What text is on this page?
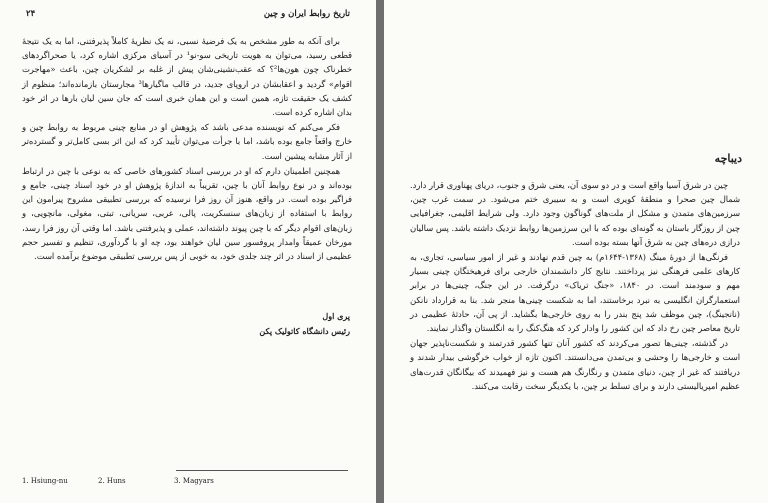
تاریخ روابط ایران و چین
۲۴

برای آنکه به طور مشخص به یک فرضیهٔ نسبی، نه یک نظریهٔ کاملاً پذیرفتنی، اما به یک نتیجهٔ قطعی رسید، می‌توان به هویت تاریخی سو-نو¹ در آسیای مرکزی اشاره کرد، یا صحراگردهای خطرناک چون هون‌ها²؟ که عقب‌نشینی‌شان پیش از غلبه بر لشکریان چین، باعث «مهاجرت اقوام» گردید و اعقابشان در اروپای جدید، در قالب ماگیارها³ مجارستان بازمانده‌اند؛ منظوم از کشف یک حقیقت تازه، همین است و این همان خبری است که جان سین لیان بارها در اثر خود بدان اشاره کرده است.

فکر می‌کنم که نویسنده مدعی باشد که پژوهش او در منابع چینی مربوط به روابط چین و خارج واقعاً جامع بوده باشد، اما با جرأت می‌توان تأیید کرد که این اثر بسی کامل‌تر و گسترده‌تر از آثار مشابه پیشین است.

همچنین اطمینان دارم که او در بررسی اسناد کشورهای خاصی که به نوعی با چین در ارتباط بوده‌اند و در نوع روابط آنان با چین، تقریباً به اندازهٔ پژوهش او در خود اسناد چینی، جامع و فراگیر بوده است. در واقع، هنوز آن روز فرا نرسیده که بررسی تطبیقی مشروح پیرامون این روابط با استفاده از زبان‌های سنسکریت، پالی، عربی، سریانی، تبتی، مغولی، مانچویی، و زبان‌های اقوام دیگر که با چین پیوند داشته‌اند، عملی و پذیرفتنی باشد. اما وقتی آن روز فرا رسد، مورخان عمیقاً وامدار پروفسور سین لیان خواهند بود، چه او با گردآوری، تنظیم و تفسیر حجم عظیمی از اسناد در اثر چند جلدی خود، به خوبی از پس بررسی تطبیقی موضوع برآمده است.

پری اول
رئیس دانشگاه کاتولیک پکن
1. Hsiung-nu	2. Huns	3. Magyars
دیباچه

چین در شرق آسیا واقع است و در دو سوی آن، یعنی شرق و جنوب، دریای پهناوری قرار دارد. شمال چین صحرا و منطقهٔ کویری است و به سیبری ختم می‌شود. در سمت غرب چین، سرزمین‌های متمدن و مشکل از ملت‌های گوناگون وجود دارد. ولی شرایط اقلیمی، جغرافیایی چین از روزگار باستان به گونه‌ای بوده که با این سرزمین‌ها روابط نزدیک داشته باشد. پس سالیان درازی دره‌های چین به شرق آنها بسته بوده است.

فرنگی‌ها از دورهٔ مینگ (۱۳۶۸-۱۶۴۴م) به چین قدم نهادند و غیر از امور سیاسی، تجاری، به کارهای علمی فرهنگی نیز پرداختند. نتایج کار دانشمندان خارجی برای فرهیختگان چینی بسیار مهم و سودمند است. در ۱۸۴۰، «جنگ تریاک» درگرفت. در این جنگ، چینی‌ها در برابر استعمارگران انگلیسی به نبرد برخاستند، اما به شکست چینی‌ها منجر شد. بنا به قرارداد نانکن (نانجینگ)، چین موظف شد پنج بندر را به روی خارجی‌ها بگشاید. از پی آن، حادثهٔ عظیمی در تاریخ معاصر چین رخ داد که این کشور را وادار کرد که هنگ‌کنگ را به انگلستان واگذار نمایند.

در گذشته، چینی‌ها تصور می‌کردند که کشور آنان تنها کشور قدرتمند و شکست‌ناپذیر جهان است و خارجی‌ها را وحشی و بی‌تمدن می‌دانستند. اکنون تازه از خواب خرگوشی بیدار شدند و دریافتند که غیر از چین، دنیای متمدن و رنگارنگ هم هست و نیز فهمیدند که بیگانگان قدرت‌های عظیم امپریالیستی دارند و برای تسلط بر چین، با یکدیگر سخت رقابت می‌کنند.
